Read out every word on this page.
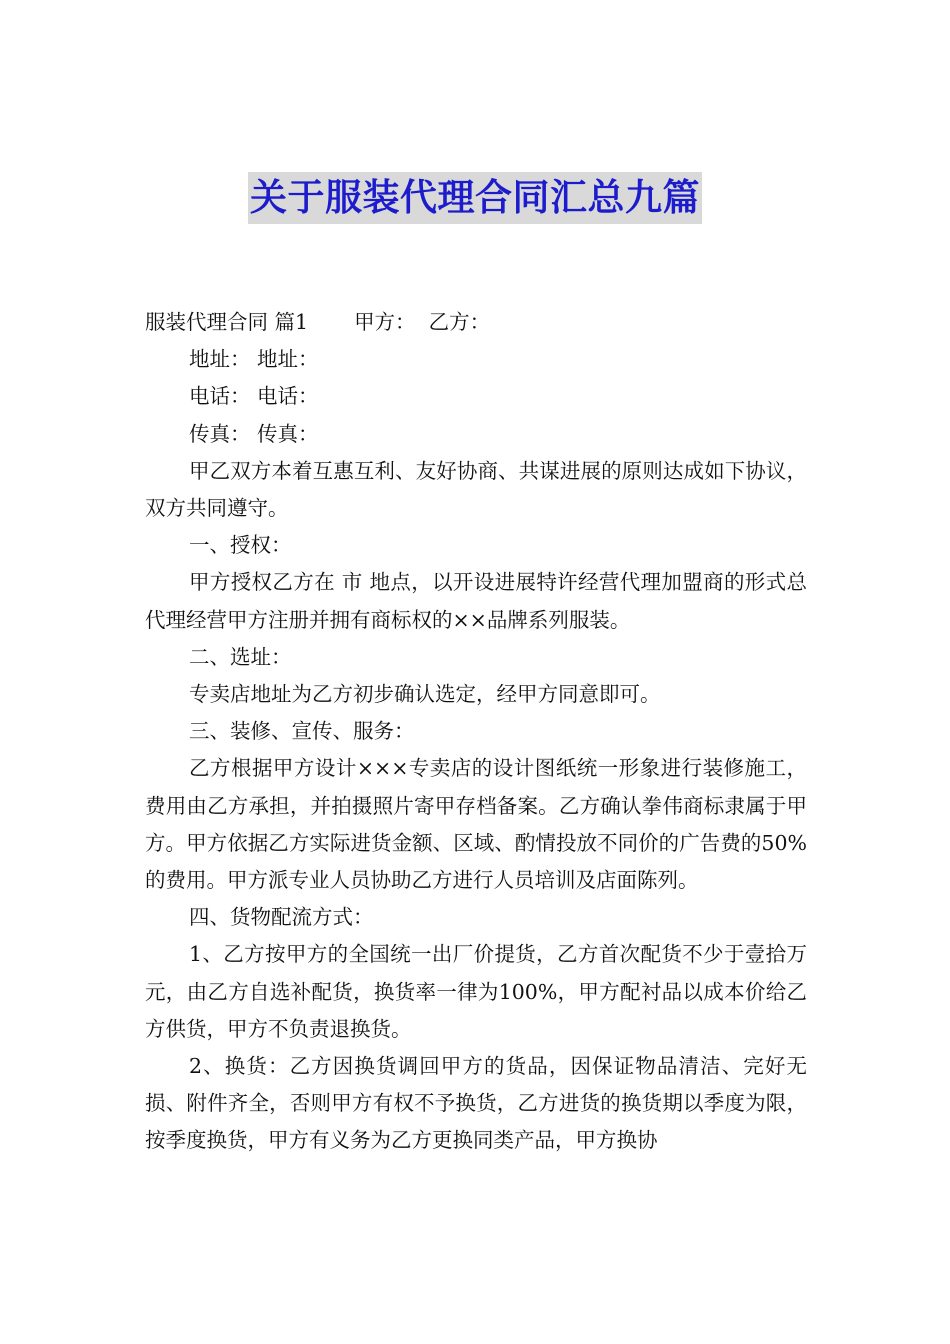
关于服装代理合同汇总九篇
服装代理合同 篇1 甲方： 乙方：
地址： 地址：
电话： 电话：
传真： 传真：

甲乙双方本着互惠互利、友好协商、共谋进展的原则达成如下协议，双方共同遵守。

一、授权：

甲方授权乙方在 市 地点，以开设进展特许经营代理加盟商的形式总代理经营甲方注册并拥有商标权的××品牌系列服装。

二、选址：

专卖店地址为乙方初步确认选定，经甲方同意即可。

三、装修、宣传、服务：

乙方根据甲方设计×××专卖店的设计图纸统一形象进行装修施工，费用由乙方承担，并拍摄照片寄甲存档备案。乙方确认拳伟商标隶属于甲方。甲方依据乙方实际进货金额、区域、酌情投放不同价的广告费的50%的费用。甲方派专业人员协助乙方进行人员培训及店面陈列。

四、货物配流方式：

1、乙方按甲方的全国统一出厂价提货，乙方首次配货不少于壹拾万元，由乙方自选补配货，换货率一律为100%，甲方配衬品以成本价给乙方供货，甲方不负责退换货。

2、换货：乙方因换货调回甲方的货品，因保证物品清洁、完好无损、附件齐全，否则甲方有权不予换货，乙方进货的换货期以季度为限，按季度换货，甲方有义务为乙方更换同类产品，甲方换协
